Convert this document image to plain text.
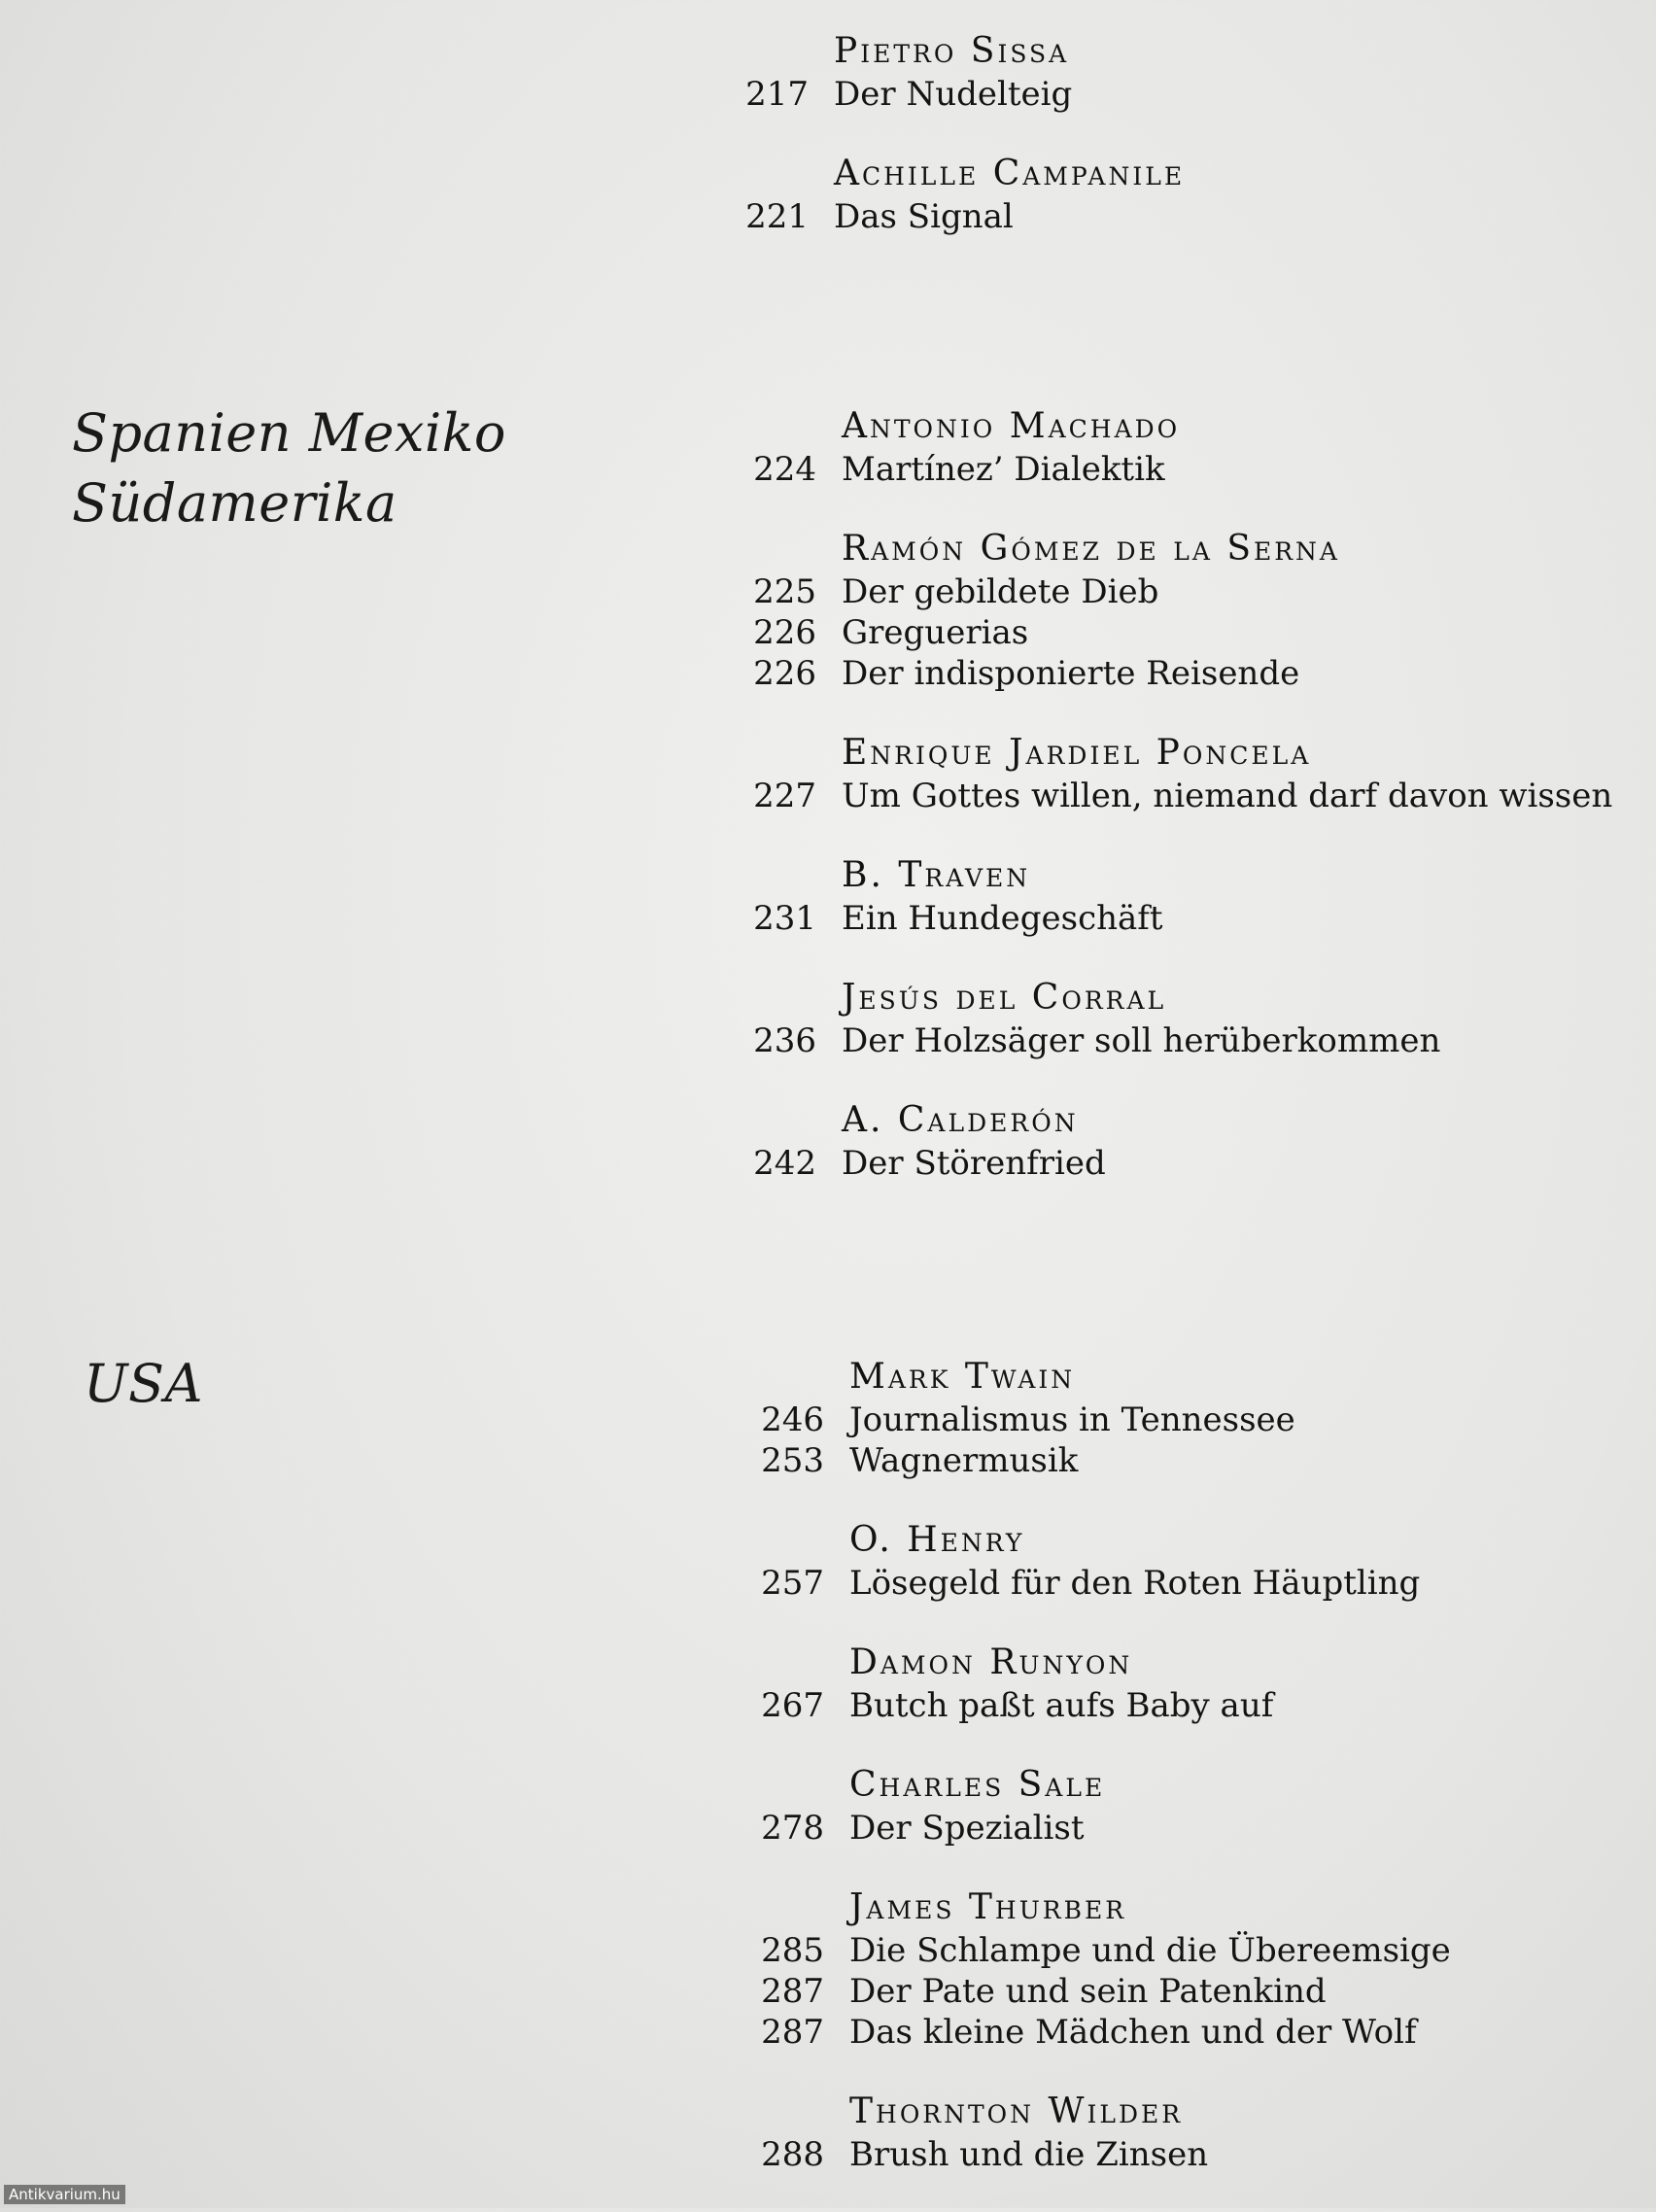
Spanien Mexiko
Südamerika
USA
Pietro Sissa
217 Der Nudelteig
Achille Campanile
221 Das Signal
Antonio Machado
224 Martínez’ Dialektik
Ramón Gómez de la Serna
225 Der gebildete Dieb
226 Greguerias
226 Der indisponierte Reisende
Enrique Jardiel Poncela
227 Um Gottes willen, niemand darf davon wissen
B. Traven
231 Ein Hundegeschäft
Jesús del Corral
236 Der Holzsäger soll herüberkommen
A. Calderón
242 Der Störenfried
Mark Twain
246 Journalismus in Tennessee
253 Wagnermusik
O. Henry
257 Lösegeld für den Roten Häuptling
Damon Runyon
267 Butch paßt aufs Baby auf
Charles Sale
278 Der Spezialist
James Thurber
285 Die Schlampe und die Übereemsige
287 Der Pate und sein Patenkind
287 Das kleine Mädchen und der Wolf
Thornton Wilder
288 Brush und die Zinsen
Antikvarium.hu
